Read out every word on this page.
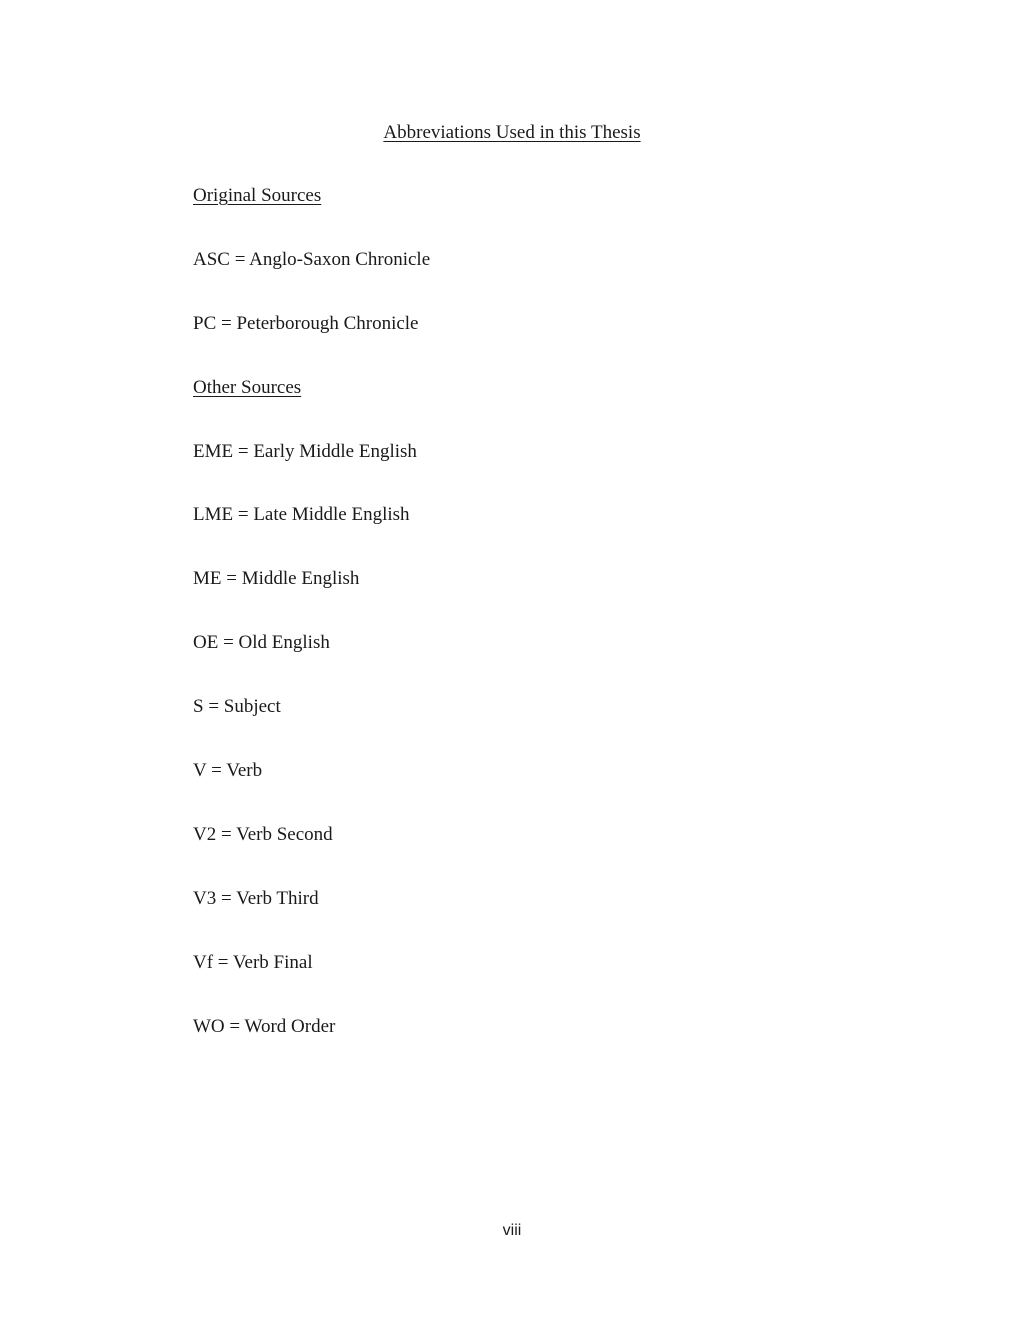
Abbreviations Used in this Thesis
Original Sources
ASC = Anglo-Saxon Chronicle
PC = Peterborough Chronicle
Other Sources
EME = Early Middle English
LME = Late Middle English
ME = Middle English
OE = Old English
S = Subject
V = Verb
V2 = Verb Second
V3 = Verb Third
Vf = Verb Final
WO = Word Order
viii
